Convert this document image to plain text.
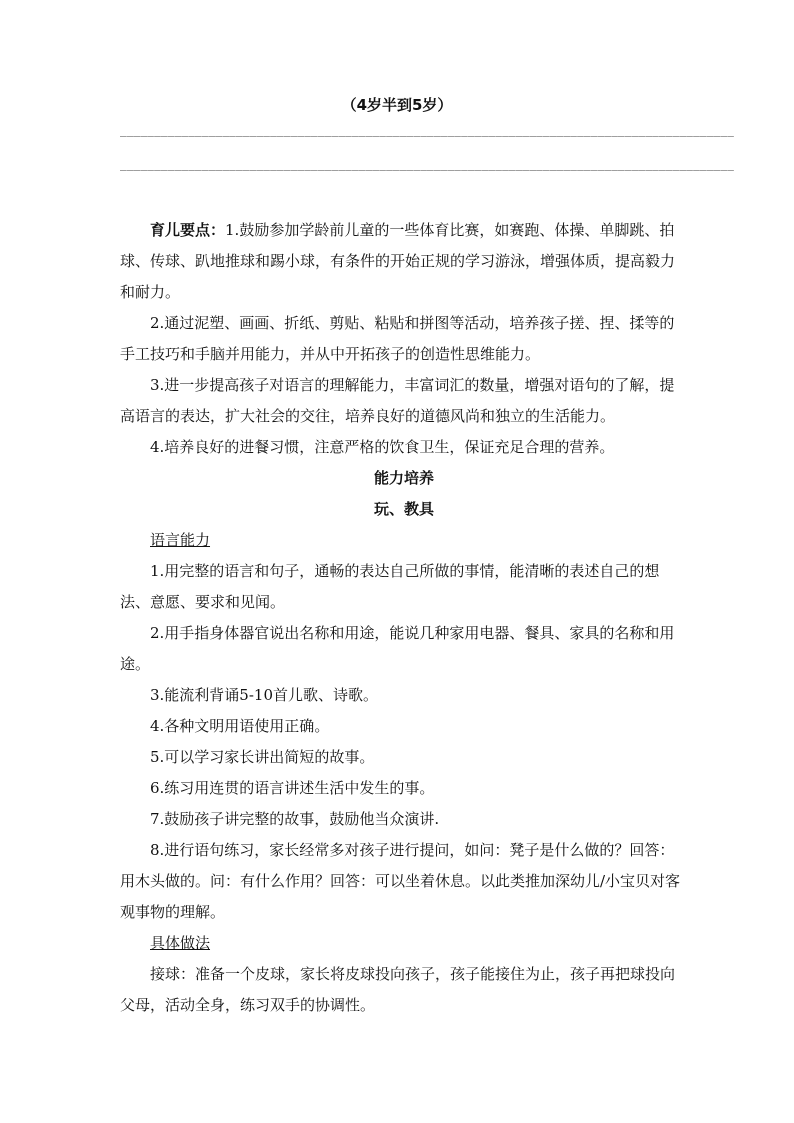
（4岁半到5岁）
__________________________________________________________________________________________
__________________________________________________________________________________________

育儿要点：1.鼓励参加学龄前儿童的一些体育比赛，如赛跑、体操、单脚跳、拍球、传球、趴地推球和踢小球，有条件的开始正规的学习游泳，增强体质，提高毅力和耐力。

2.通过泥塑、画画、折纸、剪贴、粘贴和拼图等活动，培养孩子搓、捏、揉等的手工技巧和手脑并用能力，并从中开拓孩子的创造性思维能力。

3.进一步提高孩子对语言的理解能力，丰富词汇的数量，增强对语句的了解，提高语言的表达，扩大社会的交往，培养良好的道德风尚和独立的生活能力。

4.培养良好的进餐习惯，注意严格的饮食卫生，保证充足合理的营养。

能力培养

玩、教具

语言能力

1.用完整的语言和句子，通畅的表达自己所做的事情，能清晰的表述自己的想法、意愿、要求和见闻。

2.用手指身体器官说出名称和用途，能说几种家用电器、餐具、家具的名称和用途。

3.能流利背诵5-10首儿歌、诗歌。

4.各种文明用语使用正确。

5.可以学习家长讲出简短的故事。

6.练习用连贯的语言讲述生活中发生的事。

7.鼓励孩子讲完整的故事，鼓励他当众演讲.

8.进行语句练习，家长经常多对孩子进行提问，如问：凳子是什么做的？回答：用木头做的。问：有什么作用？回答：可以坐着休息。以此类推加深幼儿/小宝贝对客观事物的理解。

具体做法

接球：准备一个皮球，家长将皮球投向孩子，孩子能接住为止，孩子再把球投向父母，活动全身，练习双手的协调性。
